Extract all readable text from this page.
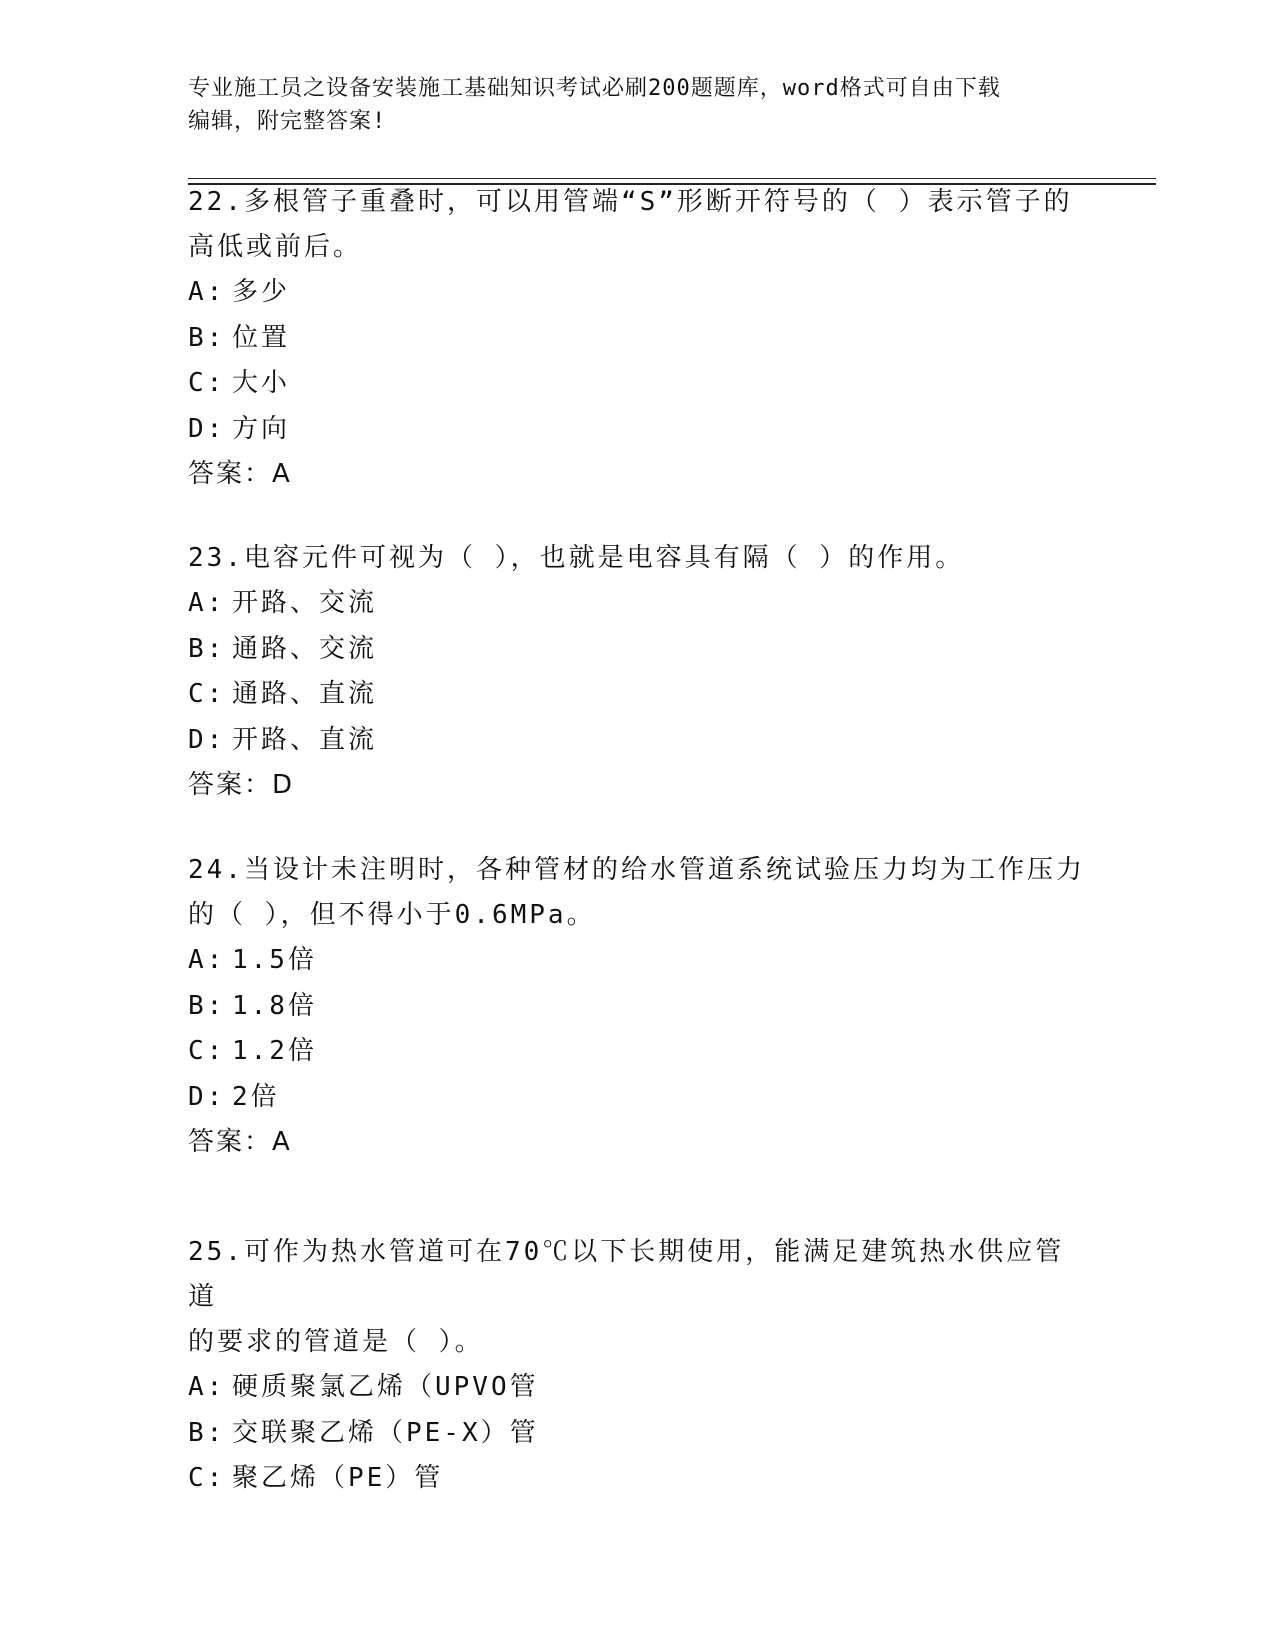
专业施工员之设备安装施工基础知识考试必刷200题题库，word格式可自由下载
编辑，附完整答案!

22.多根管子重叠时，可以用管端“S”形断开符号的（ ）表示管子的

高低或前后。

A: 多少

B: 位置

C: 大小

D: 方向

答案：A

23.电容元件可视为（ ），也就是电容具有隔（ ）的作用。

A: 开路、交流

B: 通路、交流

C: 通路、直流

D: 开路、直流

答案：D

24.当设计未注明时，各种管材的给水管道系统试验压力均为工作压力

的（ ），但不得小于0.6MPa。

A: 1.5倍

B: 1.8倍

C: 1.2倍

D: 2倍

答案：A

25.可作为热水管道可在70℃以下长期使用，能满足建筑热水供应管道

的要求的管道是（ ）。

A: 硬质聚氯乙烯（UPVO管

B: 交联聚乙烯（PE-X）管

C: 聚乙烯（PE）管
